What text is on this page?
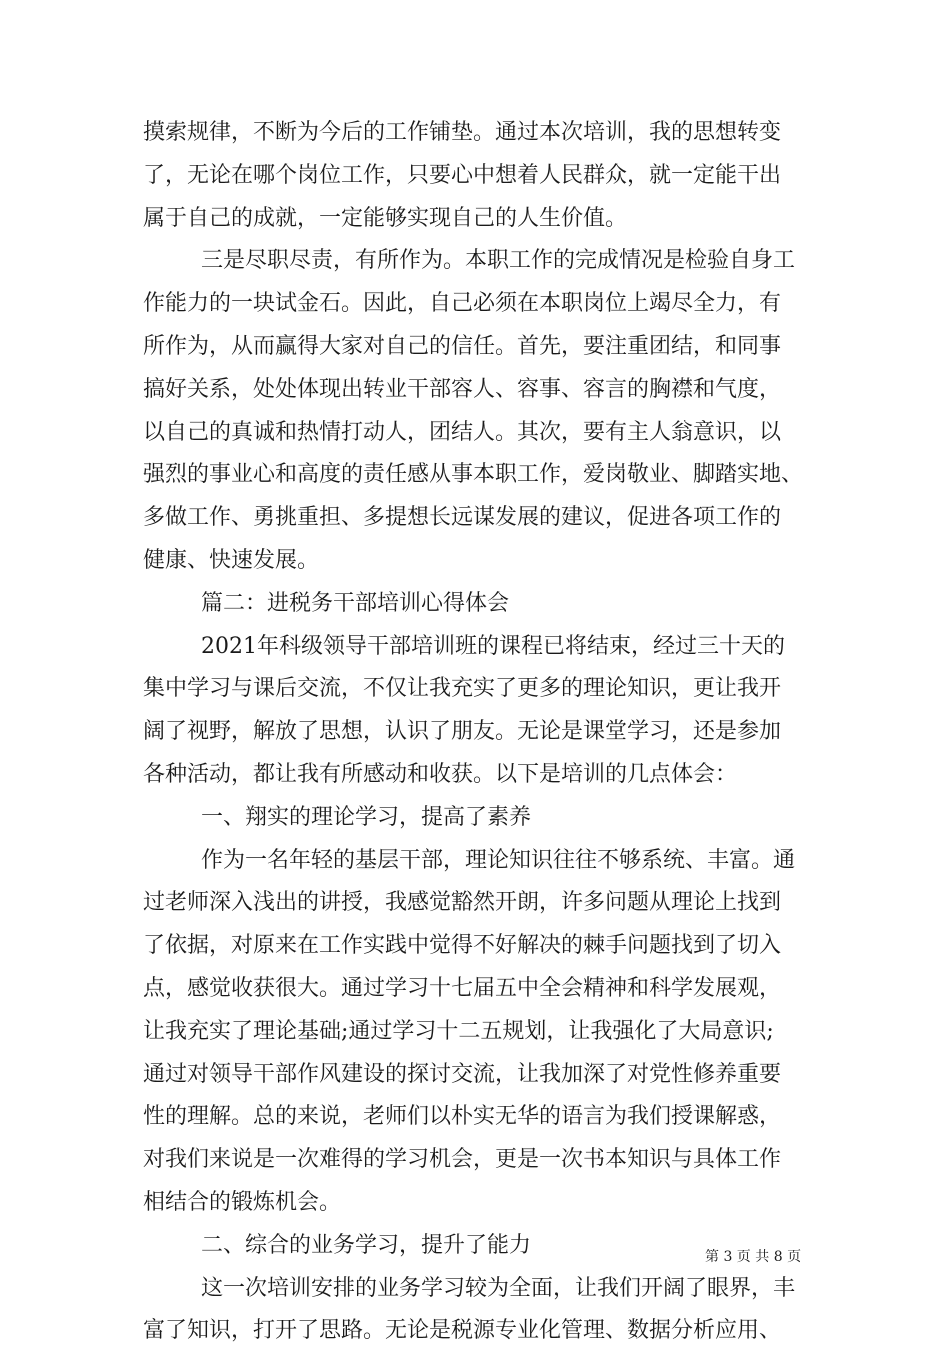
摸索规律，不断为今后的工作铺垫。通过本次培训，我的思想转变
了，无论在哪个岗位工作，只要心中想着人民群众，就一定能干出
属于自己的成就，一定能够实现自己的人生价值。
三是尽职尽责，有所作为。本职工作的完成情况是检验自身工
作能力的一块试金石。因此，自己必须在本职岗位上竭尽全力，有
所作为，从而赢得大家对自己的信任。首先，要注重团结，和同事
搞好关系，处处体现出转业干部容人、容事、容言的胸襟和气度，
以自己的真诚和热情打动人，团结人。其次，要有主人翁意识，以
强烈的事业心和高度的责任感从事本职工作，爱岗敬业、脚踏实地、
多做工作、勇挑重担、多提想长远谋发展的建议，促进各项工作的
健康、快速发展。
篇二：进税务干部培训心得体会
2021年科级领导干部培训班的课程已将结束，经过三十天的
集中学习与课后交流，不仅让我充实了更多的理论知识，更让我开
阔了视野，解放了思想，认识了朋友。无论是课堂学习，还是参加
各种活动，都让我有所感动和收获。以下是培训的几点体会：
一、翔实的理论学习，提高了素养
作为一名年轻的基层干部，理论知识往往不够系统、丰富。通
过老师深入浅出的讲授，我感觉豁然开朗，许多问题从理论上找到
了依据，对原来在工作实践中觉得不好解决的棘手问题找到了切入
点，感觉收获很大。通过学习十七届五中全会精神和科学发展观，
让我充实了理论基础;通过学习十二五规划，让我强化了大局意识;
通过对领导干部作风建设的探讨交流，让我加深了对党性修养重要
性的理解。总的来说，老师们以朴实无华的语言为我们授课解惑，
对我们来说是一次难得的学习机会，更是一次书本知识与具体工作
相结合的锻炼机会。
二、综合的业务学习，提升了能力
这一次培训安排的业务学习较为全面，让我们开阔了眼界，丰
富了知识，打开了思路。无论是税源专业化管理、数据分析应用、
第 3 页 共 8 页
